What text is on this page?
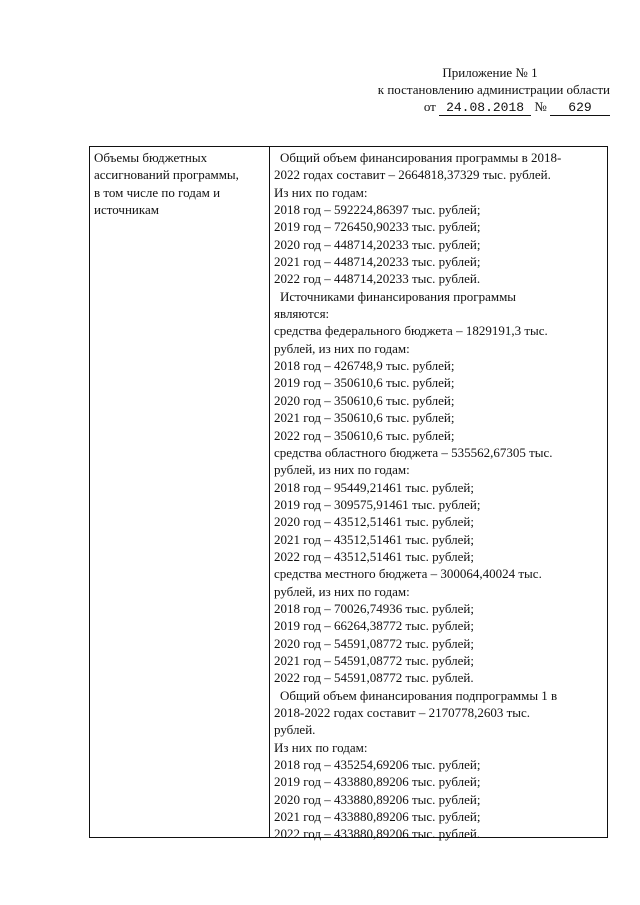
Приложение № 1
к постановлению администрации области
от 24.08.2018 № 629
Объемы бюджетных
ассигнований программы,
в том числе по годам и
источникам
Общий объем финансирования программы в 2018-
2022 годах составит – 2664818,37329 тыс. рублей.
Из них по годам:
2018 год – 592224,86397 тыс. рублей;
2019 год – 726450,90233 тыс. рублей;
2020 год – 448714,20233 тыс. рублей;
2021 год – 448714,20233 тыс. рублей;
2022 год – 448714,20233 тыс. рублей.
Источниками финансирования программы
являются:
средства федерального бюджета – 1829191,3 тыс.
рублей, из них по годам:
2018 год – 426748,9 тыс. рублей;
2019 год – 350610,6 тыс. рублей;
2020 год – 350610,6 тыс. рублей;
2021 год – 350610,6 тыс. рублей;
2022 год – 350610,6 тыс. рублей;
средства областного бюджета – 535562,67305 тыс.
рублей, из них по годам:
2018 год – 95449,21461 тыс. рублей;
2019 год – 309575,91461 тыс. рублей;
2020 год – 43512,51461 тыс. рублей;
2021 год – 43512,51461 тыс. рублей;
2022 год – 43512,51461 тыс. рублей;
средства местного бюджета – 300064,40024 тыс.
рублей, из них по годам:
2018 год – 70026,74936 тыс. рублей;
2019 год – 66264,38772 тыс. рублей;
2020 год – 54591,08772 тыс. рублей;
2021 год – 54591,08772 тыс. рублей;
2022 год – 54591,08772 тыс. рублей.
Общий объем финансирования подпрограммы 1 в
2018-2022 годах составит – 2170778,2603 тыс.
рублей.
Из них по годам:
2018 год – 435254,69206 тыс. рублей;
2019 год – 433880,89206 тыс. рублей;
2020 год – 433880,89206 тыс. рублей;
2021 год – 433880,89206 тыс. рублей;
2022 год – 433880,89206 тыс. рублей.
